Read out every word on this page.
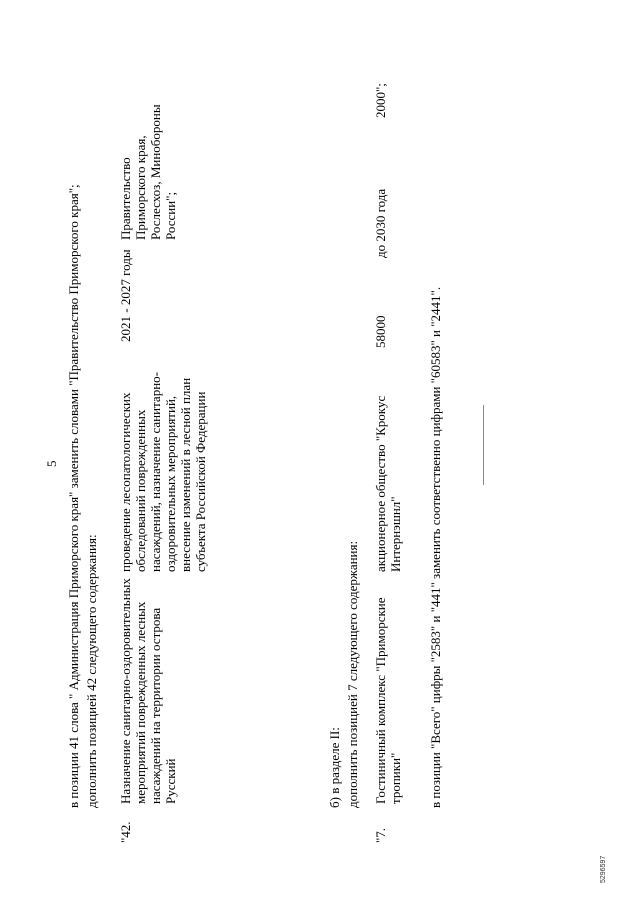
5 в позиции 41 слова " Администрация Приморского края" заменить словами "Правительство Приморского края"; дополнить позицией 42 следующего содержания:
"42.
Назначение санитарно-оздоровительных мероприятий поврежденных лесных насаждений на территории острова Русский
проведение лесопатологических обследований поврежденных насаждений, назначение санитарно-оздоровительных мероприятий, внесение изменений в лесной план субъекта Российской Федерации
2021 - 2027 годы
Правительство Приморского края, Рослесхоз, Минобороны России";
б) в разделе II: дополнить позицией 7 следующего содержания:
"7.
Гостиничный комплекс "Приморские тропики"
акционерное общество "Крокус Интернэшнл"
58000
до 2030 года
2000";
в позиции "Всего" цифры "2583" и "441" заменить соответственно цифрами "60583" и "2441".
5296597
